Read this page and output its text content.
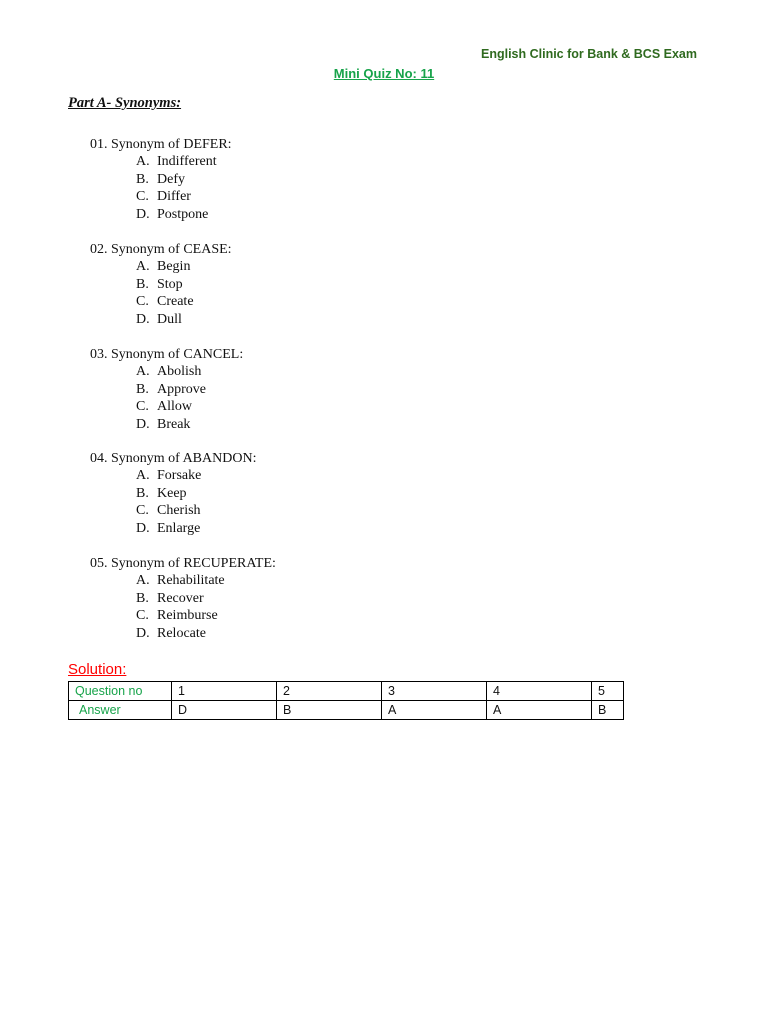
English Clinic for Bank & BCS Exam
Mini Quiz No: 11
Part A- Synonyms:
01. Synonym of DEFER:
A. Indifferent
B. Defy
C. Differ
D. Postpone
02. Synonym of CEASE:
A. Begin
B. Stop
C. Create
D. Dull
03. Synonym of CANCEL:
A. Abolish
B. Approve
C. Allow
D. Break
04. Synonym of ABANDON:
A. Forsake
B. Keep
C. Cherish
D. Enlarge
05. Synonym of RECUPERATE:
A. Rehabilitate
B. Recover
C. Reimburse
D. Relocate
Solution:
Question no	1	2	3	4	5
Answer	D	B	A	A	B
